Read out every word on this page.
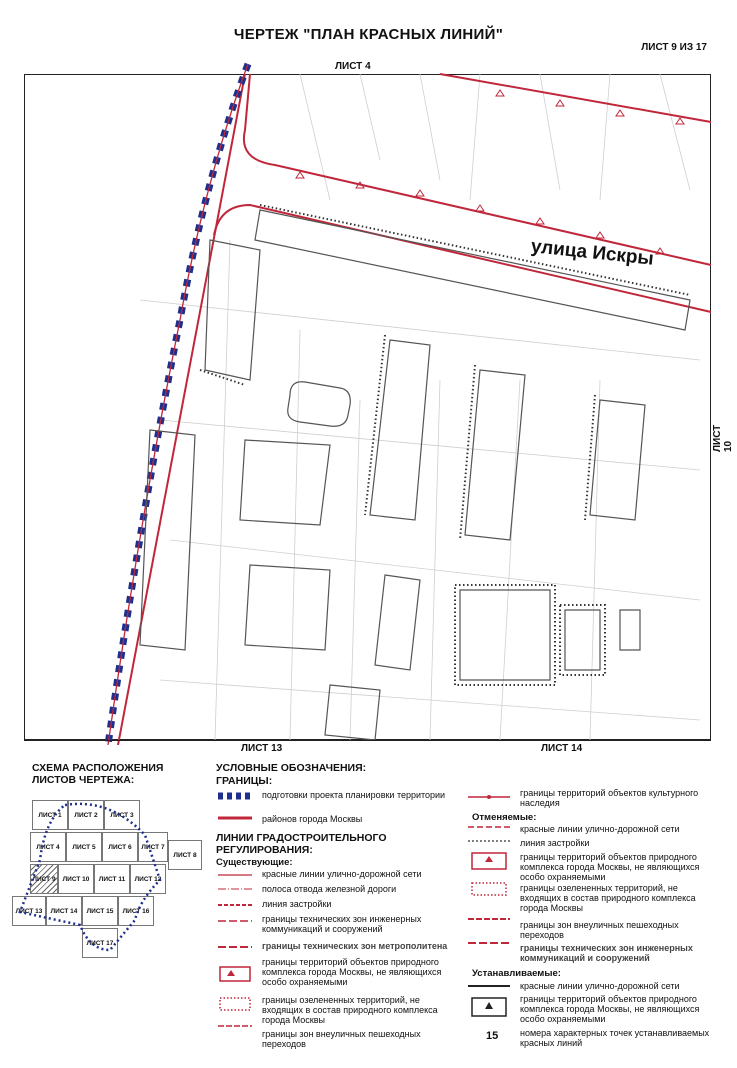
ЧЕРТЕЖ "ПЛАН КРАСНЫХ ЛИНИЙ"
ЛИСТ 9 ИЗ 17
ЛИСТ 4
ЛИСТ 10
ЛИСТ 13	ЛИСТ 14
улица Искры
СХЕМА РАСПОЛОЖЕНИЯ
ЛИСТОВ ЧЕРТЕЖА:
ЛИСТ 1	ЛИСТ 2	ЛИСТ 3
ЛИСТ 4	ЛИСТ 5	ЛИСТ 6	ЛИСТ 7
ЛИСТ 8
ЛИСТ 9	ЛИСТ 10	ЛИСТ 11	ЛИСТ 12
ЛИСТ 13	ЛИСТ 14	ЛИСТ 15	ЛИСТ 16
ЛИСТ 17
УСЛОВНЫЕ ОБОЗНАЧЕНИЯ:
ГРАНИЦЫ:
подготовки проекта планировки территории
районов города Москвы
ЛИНИИ ГРАДОСТРОИТЕЛЬНОГО РЕГУЛИРОВАНИЯ:
Существующие:
красные линии улично-дорожной сети
полоса отвода железной дороги
линия застройки
границы технических зон инженерных коммуникаций и сооружений
границы технических зон метрополитена
границы территорий объектов природного комплекса города Москвы, не являющихся особо охраняемыми
границы озелененных территорий, не входящих в состав природного комплекса города Москвы
границы зон внеуличных пешеходных переходов
границы территорий объектов культурного наследия
Отменяемые:
красные линии улично-дорожной сети
линия застройки
границы территорий объектов природного комплекса города Москвы, не являющихся особо охраняемыми
границы озелененных территорий, не входящих в состав природного комплекса города Москвы
границы зон внеуличных пешеходных переходов
границы технических зон инженерных коммуникаций и сооружений
Устанавливаемые:
красные линии улично-дорожной сети
границы территорий объектов природного комплекса города Москвы, не являющихся особо охраняемыми
15 номера характерных точек устанавливаемых красных линий
